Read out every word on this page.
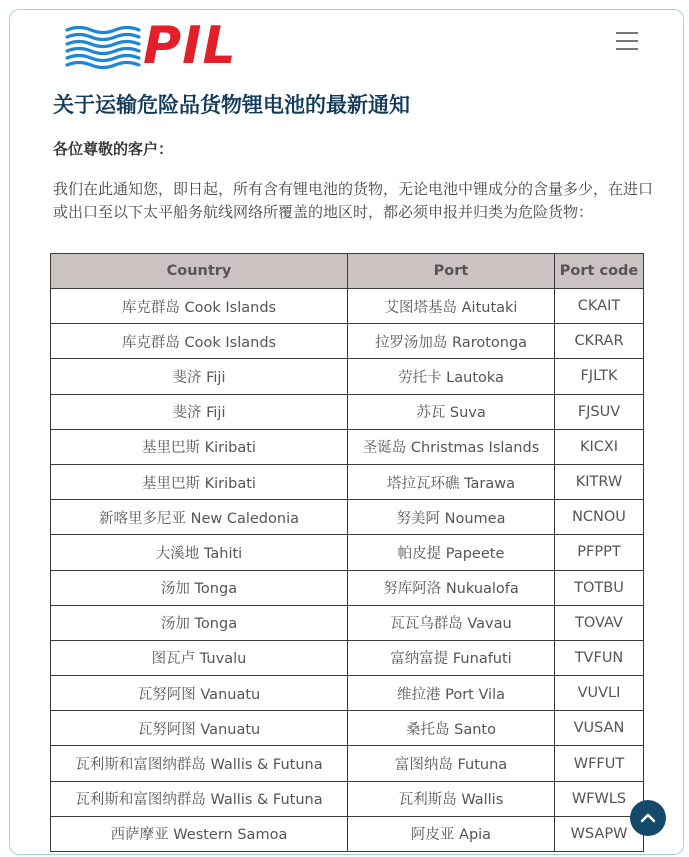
PIL
关于运输危险品货物锂电池的最新通知

各位尊敬的客户：

我们在此通知您，即日起，所有含有锂电池的货物，无论电池中锂成分的含量多少，在进口或出口至以下太平船务航线网络所覆盖的地区时，都必须申报并归类为危险货物：

Country	Port	Port code
库克群岛 Cook Islands	艾图塔基岛 Aitutaki	CKAIT
库克群岛 Cook Islands	拉罗汤加岛 Rarotonga	CKRAR
斐济 Fiji	劳托卡 Lautoka	FJLTK
斐济 Fiji	苏瓦 Suva	FJSUV
基里巴斯 Kiribati	圣诞岛 Christmas Islands	KICXI
基里巴斯 Kiribati	塔拉瓦环礁 Tarawa	KITRW
新喀里多尼亚 New Caledonia	努美阿 Noumea	NCNOU
大溪地 Tahiti	帕皮提 Papeete	PFPPT
汤加 Tonga	努库阿洛 Nukualofa	TOTBU
汤加 Tonga	瓦瓦乌群岛 Vavau	TOVAV
图瓦卢 Tuvalu	富纳富提 Funafuti	TVFUN
瓦努阿图 Vanuatu	维拉港 Port Vila	VUVLI
瓦努阿图 Vanuatu	桑托岛 Santo	VUSAN
瓦利斯和富图纳群岛 Wallis & Futuna	富图纳岛 Futuna	WFFUT
瓦利斯和富图纳群岛 Wallis & Futuna	瓦利斯岛 Wallis	WFWLS
西萨摩亚 Western Samoa	阿皮亚 Apia	WSAPW
